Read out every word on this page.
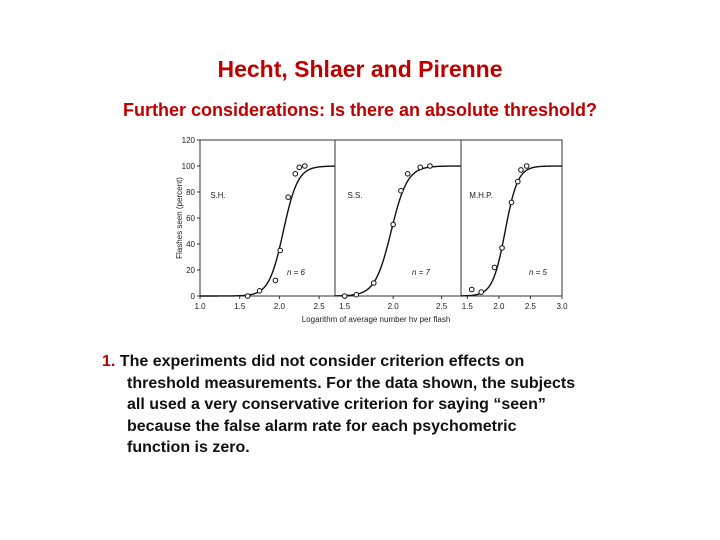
Hecht, Shlaer and Pirenne
Further considerations: Is there an absolute threshold?
0
20
40
60
80
100
120
1.0	1.5	2.0	2.5
S.H.
n = 6
1.5	2.0	2.5
S.S.
n = 7
1.5	2.0	2.5	3.0
M.H.P.
n = 5
Flashes seen (percent)
Logarithm of average number hv per flash
1. The experiments did not consider criterion effects on
threshold measurements. For the data shown, the subjects
all used a very conservative criterion for saying “seen”
because the false alarm rate for each psychometric
function is zero.
